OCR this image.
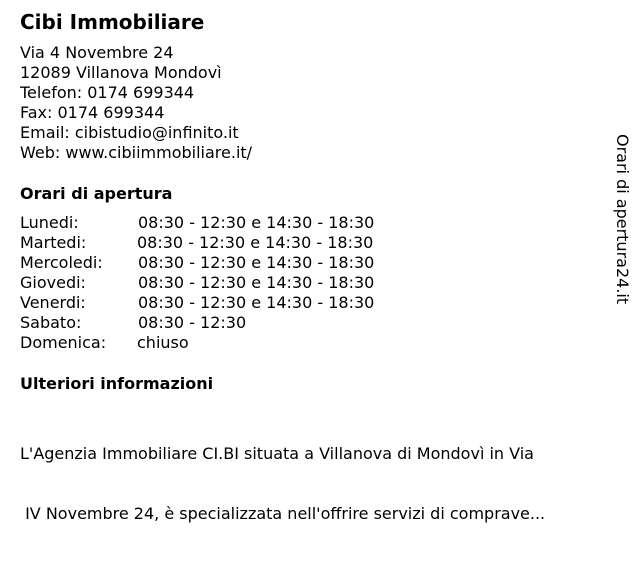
Cibi Immobiliare
Via 4 Novembre 24
12089 Villanova Mondovì
Telefon: 0174 699344
Fax: 0174 699344
Email: cibistudio@infinito.it
Web: www.cibiimmobiliare.it/
Orari di apertura
Lunedi:	08:30 - 12:30 e 14:30 - 18:30
Martedi:	08:30 - 12:30 e 14:30 - 18:30
Mercoledi: 08:30 - 12:30 e 14:30 - 18:30
Giovedi:	08:30 - 12:30 e 14:30 - 18:30
Venerdi:	08:30 - 12:30 e 14:30 - 18:30
Sabato:	08:30 - 12:30
Domenica: chiuso
Ulteriori informazioni

L'Agenzia Immobiliare CI.BI situata a Villanova di Mondovì in Via

IV Novembre 24, è specializzata nell'offrire servizi di comprave...

Orari di apertura24.it
